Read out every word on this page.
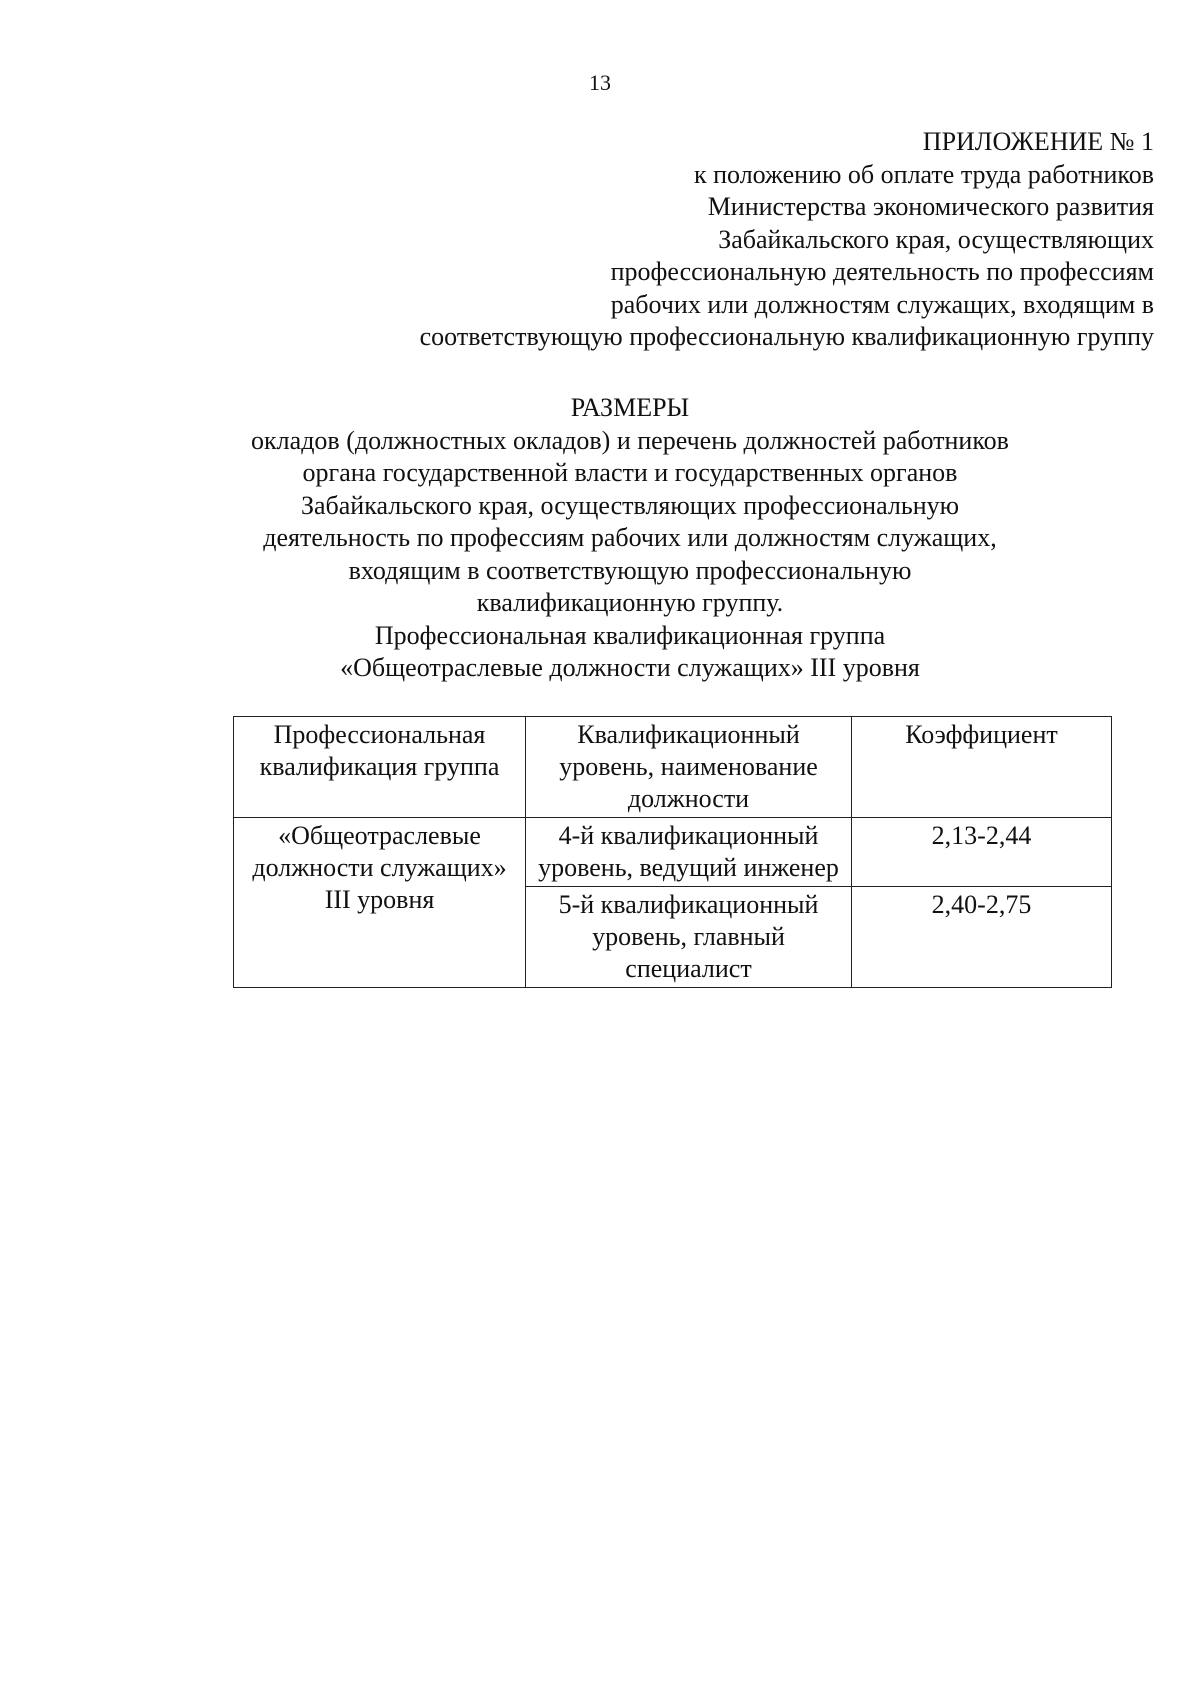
13
ПРИЛОЖЕНИЕ № 1
к положению об оплате труда работников
Министерства экономического развития
Забайкальского края, осуществляющих
профессиональную деятельность по профессиям
рабочих или должностям служащих, входящим в
соответствующую профессиональную квалификационную группу
РАЗМЕРЫ
окладов (должностных окладов) и перечень должностей работников
органа государственной власти и государственных органов
Забайкальского края, осуществляющих профессиональную
деятельность по профессиям рабочих или должностям служащих,
входящим в соответствующую профессиональную
квалификационную группу.
Профессиональная квалификационная группа
«Общеотраслевые должности служащих» III уровня
Профессиональная квалификация группа	Квалификационный уровень, наименование должности	Коэффициент
«Общеотраслевые должности служащих» III уровня	4-й квалификационный уровень, ведущий инженер	2,13-2,44
	5-й квалификационный уровень, главный специалист	2,40-2,75
